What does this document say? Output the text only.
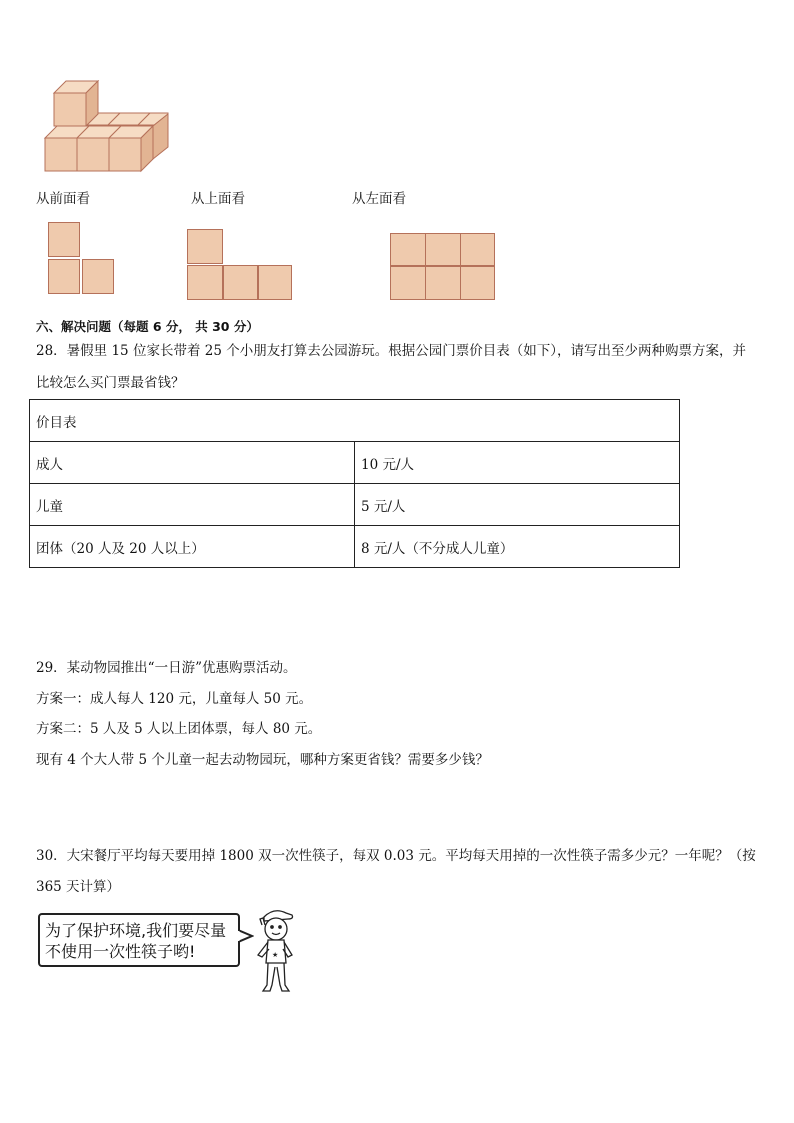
从前面看	从上面看	从左面看
六、解决问题（每题 6 分， 共 30 分）
28．暑假里 15 位家长带着 25 个小朋友打算去公园游玩。根据公园门票价目表（如下），请写出至少两种购票方案，并
比较怎么买门票最省钱？
价目表	
成人	10 元/人
儿童	5 元/人
团体（20 人及 20 人以上）	8 元/人（不分成人儿童）
29．某动物园推出“一日游”优惠购票活动。
方案一：成人每人 120 元，儿童每人 50 元。
方案二：5 人及 5 人以上团体票，每人 80 元。
现有 4 个大人带 5 个儿童一起去动物园玩，哪种方案更省钱？需要多少钱？
30．大宋餐厅平均每天要用掉 1800 双一次性筷子，每双 0.03 元。平均每天用掉的一次性筷子需多少元？一年呢？（按
365 天计算）
为了保护环境,我们要尽量
不使用一次性筷子哟!	★
